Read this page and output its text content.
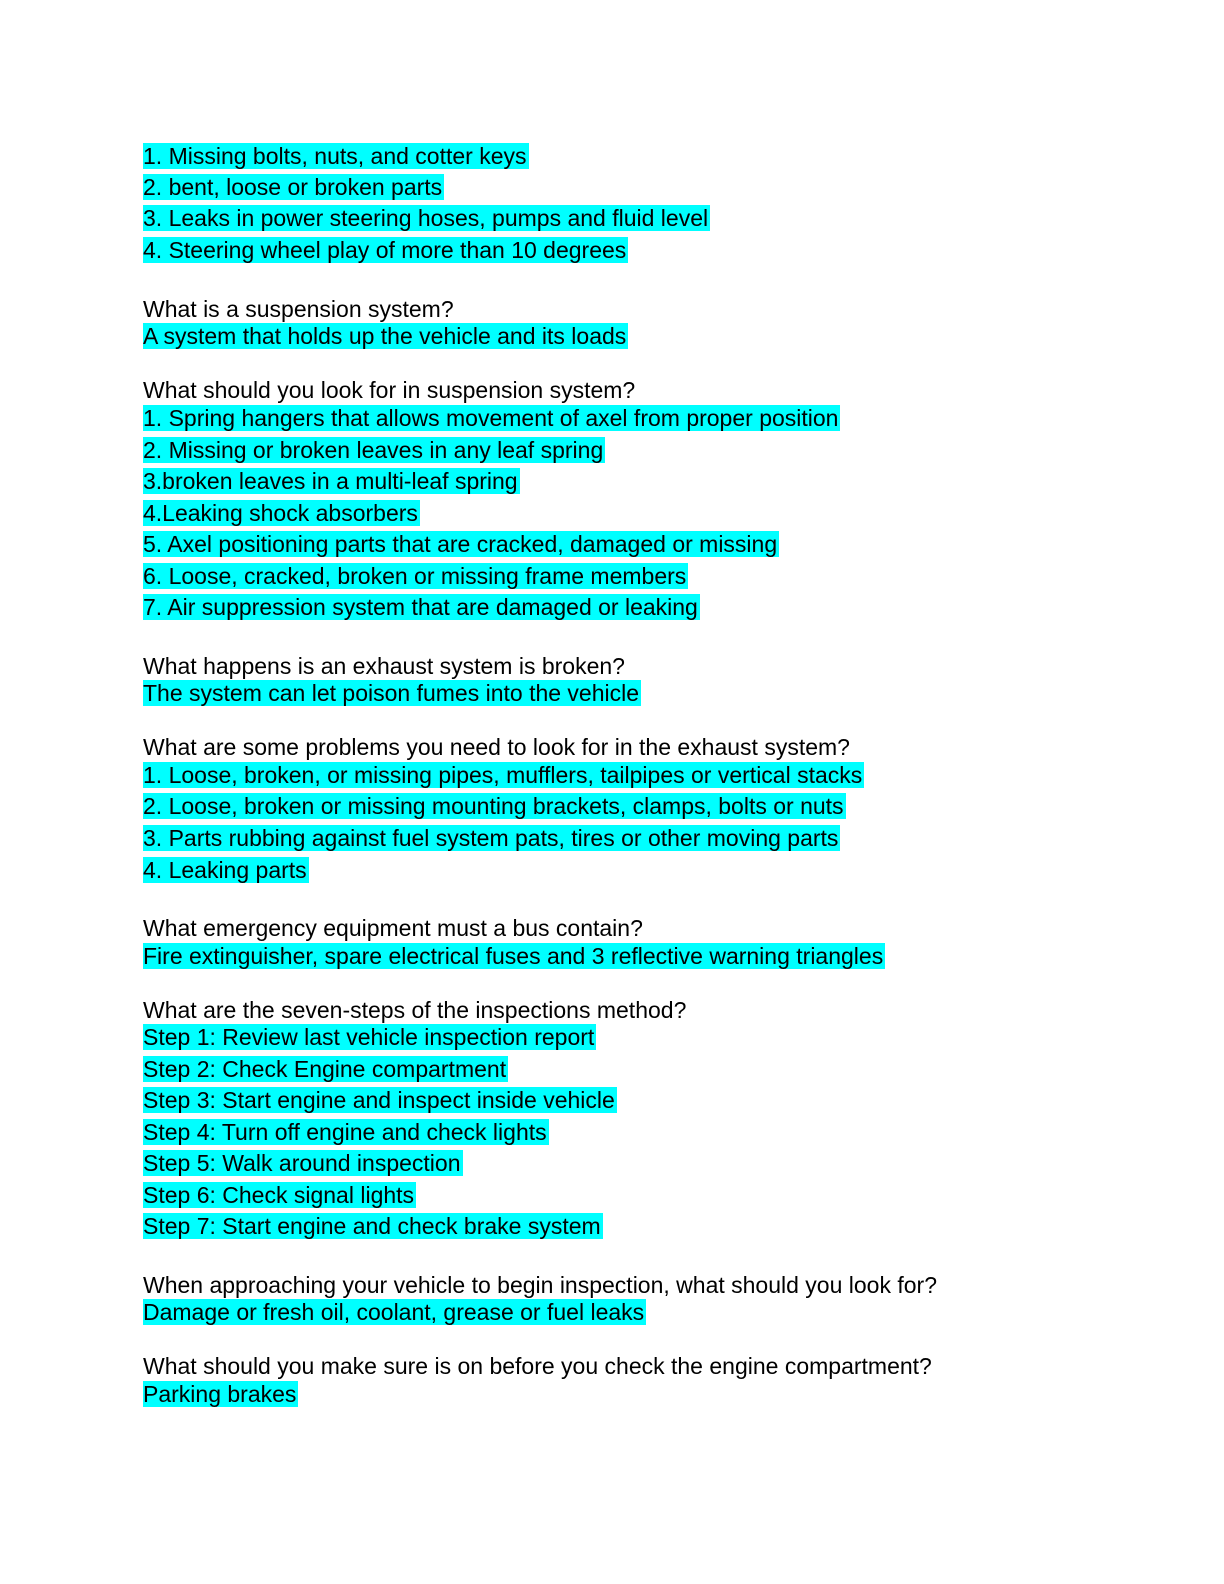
1. Missing bolts, nuts, and cotter keys
2. bent, loose or broken parts
3. Leaks in power steering hoses, pumps and fluid level
4. Steering wheel play of more than 10 degrees
What is a suspension system?
A system that holds up the vehicle and its loads
What should you look for in suspension system?
1. Spring hangers that allows movement of axel from proper position
2. Missing or broken leaves in any leaf spring
3.broken leaves in a multi-leaf spring
4.Leaking shock absorbers
5. Axel positioning parts that are cracked, damaged or missing
6. Loose, cracked, broken or missing frame members
7. Air suppression system that are damaged or leaking
What happens is an exhaust system is broken?
The system can let poison fumes into the vehicle
What are some problems you need to look for in the exhaust system?
1. Loose, broken, or missing pipes, mufflers, tailpipes or vertical stacks
2. Loose, broken or missing mounting brackets, clamps, bolts or nuts
3. Parts rubbing against fuel system pats, tires or other moving parts
4. Leaking parts
What emergency equipment must a bus contain?
Fire extinguisher, spare electrical fuses and 3 reflective warning triangles
What are the seven-steps of the inspections method?
Step 1: Review last vehicle inspection report
Step 2: Check Engine compartment
Step 3: Start engine and inspect inside vehicle
Step 4: Turn off engine and check lights
Step 5: Walk around inspection
Step 6: Check signal lights
Step 7: Start engine and check brake system
When approaching your vehicle to begin inspection, what should you look for?
Damage or fresh oil, coolant, grease or fuel leaks
What should you make sure is on before you check the engine compartment?
Parking brakes
